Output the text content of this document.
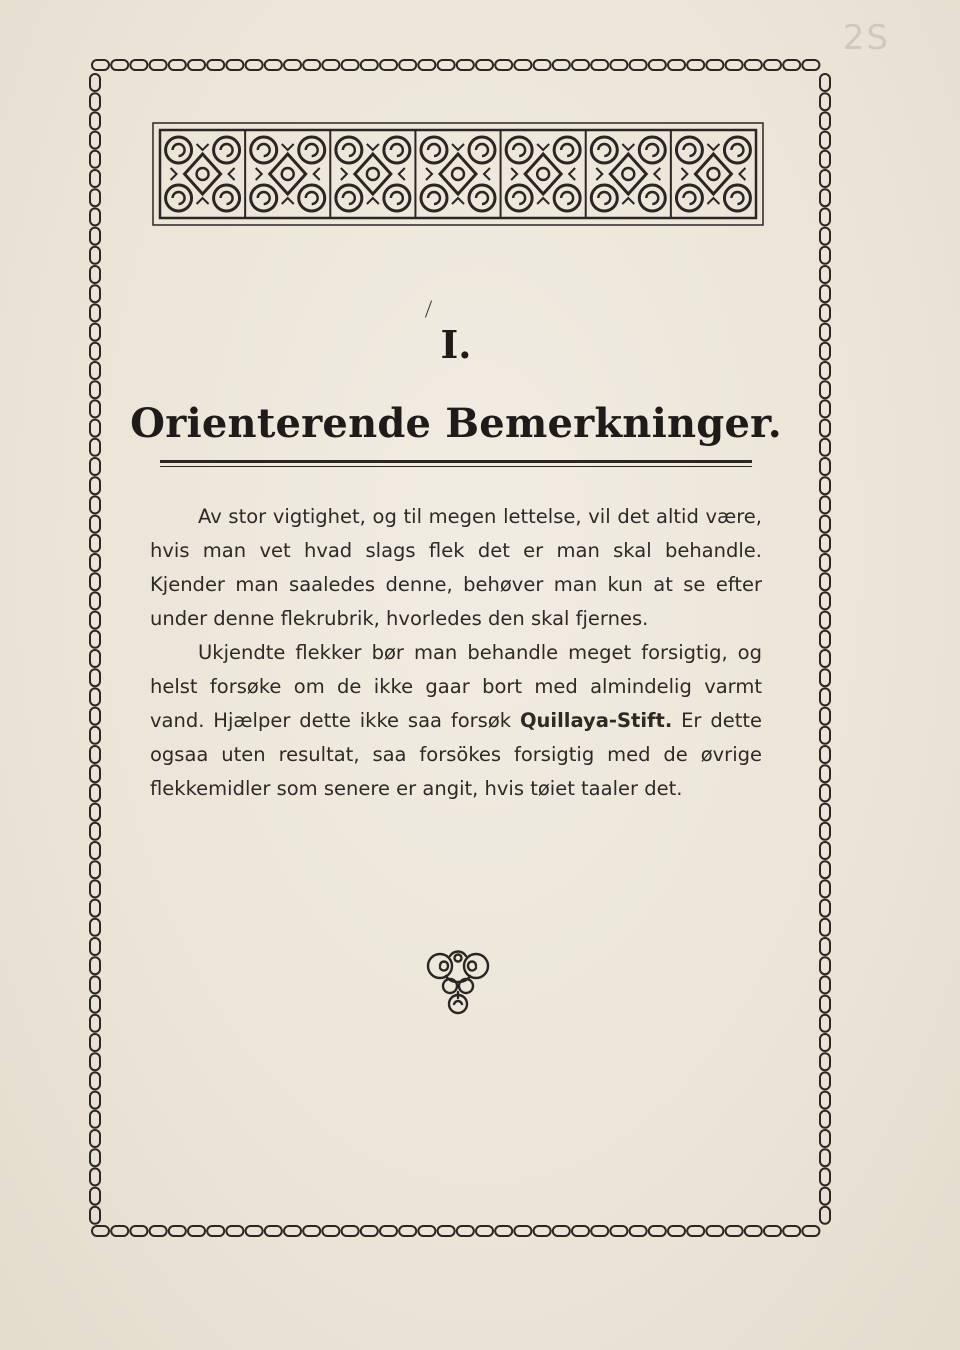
2S
I.
Orienterende Bemerkninger.

Av stor vigtighet, og til megen lettelse, vil det altid være, hvis man vet hvad slags flek det er man skal behandle. Kjender man saaledes denne, behøver man kun at se efter under denne flekrubrik, hvorledes den skal fjernes.

Ukjendte flekker bør man behandle meget forsigtig, og helst forsøke om de ikke gaar bort med almindelig varmt vand. Hjælper dette ikke saa forsøk Quillaya-Stift. Er dette ogsaa uten resultat, saa forsökes forsigtig med de øvrige flekkemidler som senere er angit, hvis tøiet taaler det.
